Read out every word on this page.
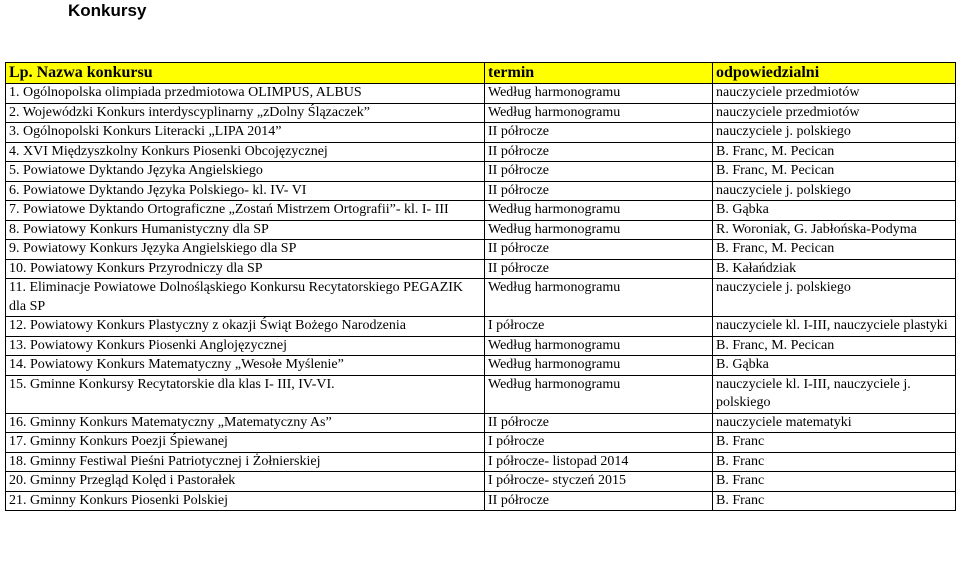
Konkursy
Lp. Nazwa konkursu	termin	odpowiedzialni
1. Ogólnopolska olimpiada przedmiotowa OLIMPUS, ALBUS	Według harmonogramu	nauczyciele przedmiotów
2. Wojewódzki Konkurs interdyscyplinarny „zDolny Ślązaczek”	Według harmonogramu	nauczyciele przedmiotów
3. Ogólnopolski Konkurs Literacki „LIPA 2014”	II półrocze	nauczyciele j. polskiego
4. XVI Międzyszkolny Konkurs Piosenki Obcojęzycznej	II półrocze	B. Franc, M. Pecican
5. Powiatowe Dyktando Języka Angielskiego	II półrocze	B. Franc, M. Pecican
6. Powiatowe Dyktando Języka Polskiego- kl. IV- VI	II półrocze	nauczyciele j. polskiego
7. Powiatowe Dyktando Ortograficzne „Zostań Mistrzem Ortografii”- kl. I- III	Według harmonogramu	B. Gąbka
8. Powiatowy Konkurs Humanistyczny dla SP	Według harmonogramu	R. Woroniak, G. Jabłońska-Podyma
9. Powiatowy Konkurs Języka Angielskiego dla SP	II półrocze	B. Franc, M. Pecican
10. Powiatowy Konkurs Przyrodniczy dla SP	II półrocze	B. Kałańdziak
11. Eliminacje Powiatowe Dolnośląskiego Konkursu Recytatorskiego PEGAZIK dla SP	Według harmonogramu	nauczyciele j. polskiego
12. Powiatowy Konkurs Plastyczny z okazji Świąt Bożego Narodzenia	I półrocze	nauczyciele kl. I-III, nauczyciele plastyki
13. Powiatowy Konkurs Piosenki Anglojęzycznej	Według harmonogramu	B. Franc, M. Pecican
14. Powiatowy Konkurs Matematyczny „Wesołe Myślenie”	Według harmonogramu	B. Gąbka
15. Gminne Konkursy Recytatorskie dla klas I- III, IV-VI.	Według harmonogramu	nauczyciele kl. I-III, nauczyciele j. polskiego
16. Gminny Konkurs Matematyczny „Matematyczny As”	II półrocze	nauczyciele matematyki
17. Gminny Konkurs Poezji Śpiewanej	I półrocze	B. Franc
18. Gminny Festiwal Pieśni Patriotycznej i Żołnierskiej	I półrocze- listopad 2014	B. Franc
20. Gminny Przegląd Kolęd i Pastorałek	I półrocze- styczeń 2015	B. Franc
21. Gminny Konkurs Piosenki Polskiej	II półrocze	B. Franc
